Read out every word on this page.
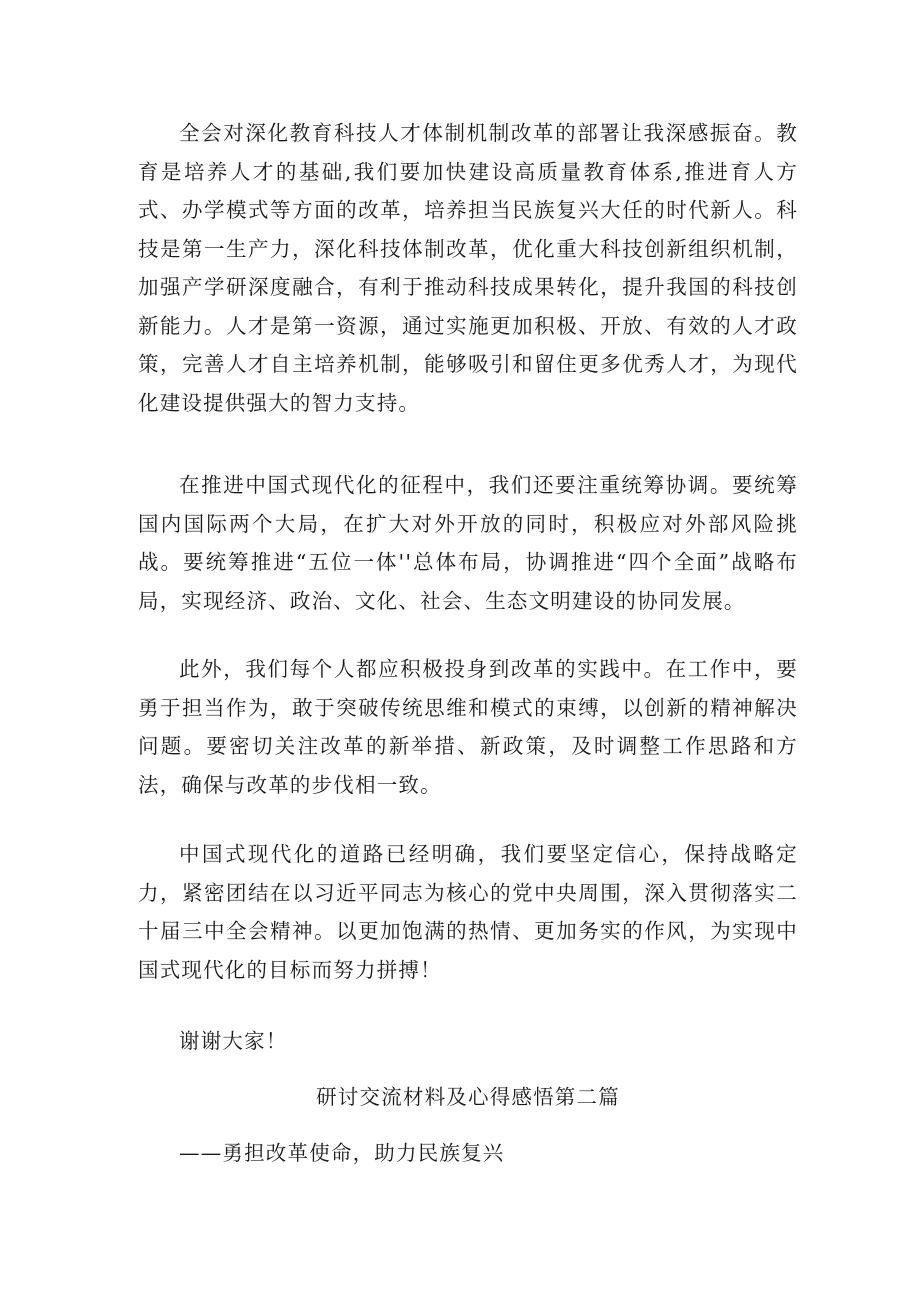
全会对深化教育科技人才体制机制改革的部署让我深感振奋。教育是培养人才的基础,我们要加快建设高质量教育体系,推进育人方式、办学模式等方面的改革，培养担当民族复兴大任的时代新人。科技是第一生产力，深化科技体制改革，优化重大科技创新组织机制，加强产学研深度融合，有利于推动科技成果转化，提升我国的科技创新能力。人才是第一资源，通过实施更加积极、开放、有效的人才政策，完善人才自主培养机制，能够吸引和留住更多优秀人才，为现代化建设提供强大的智力支持。

在推进中国式现代化的征程中，我们还要注重统筹协调。要统筹国内国际两个大局，在扩大对外开放的同时，积极应对外部风险挑战。要统筹推进“五位一体''总体布局，协调推进“四个全面”战略布局，实现经济、政治、文化、社会、生态文明建设的协同发展。

此外，我们每个人都应积极投身到改革的实践中。在工作中，要勇于担当作为，敢于突破传统思维和模式的束缚，以创新的精神解决问题。要密切关注改革的新举措、新政策，及时调整工作思路和方法，确保与改革的步伐相一致。

中国式现代化的道路已经明确，我们要坚定信心，保持战略定力，紧密团结在以习近平同志为核心的党中央周围，深入贯彻落实二十届三中全会精神。以更加饱满的热情、更加务实的作风，为实现中国式现代化的目标而努力拼搏！

谢谢大家！

研讨交流材料及心得感悟第二篇

——勇担改革使命，助力民族复兴
